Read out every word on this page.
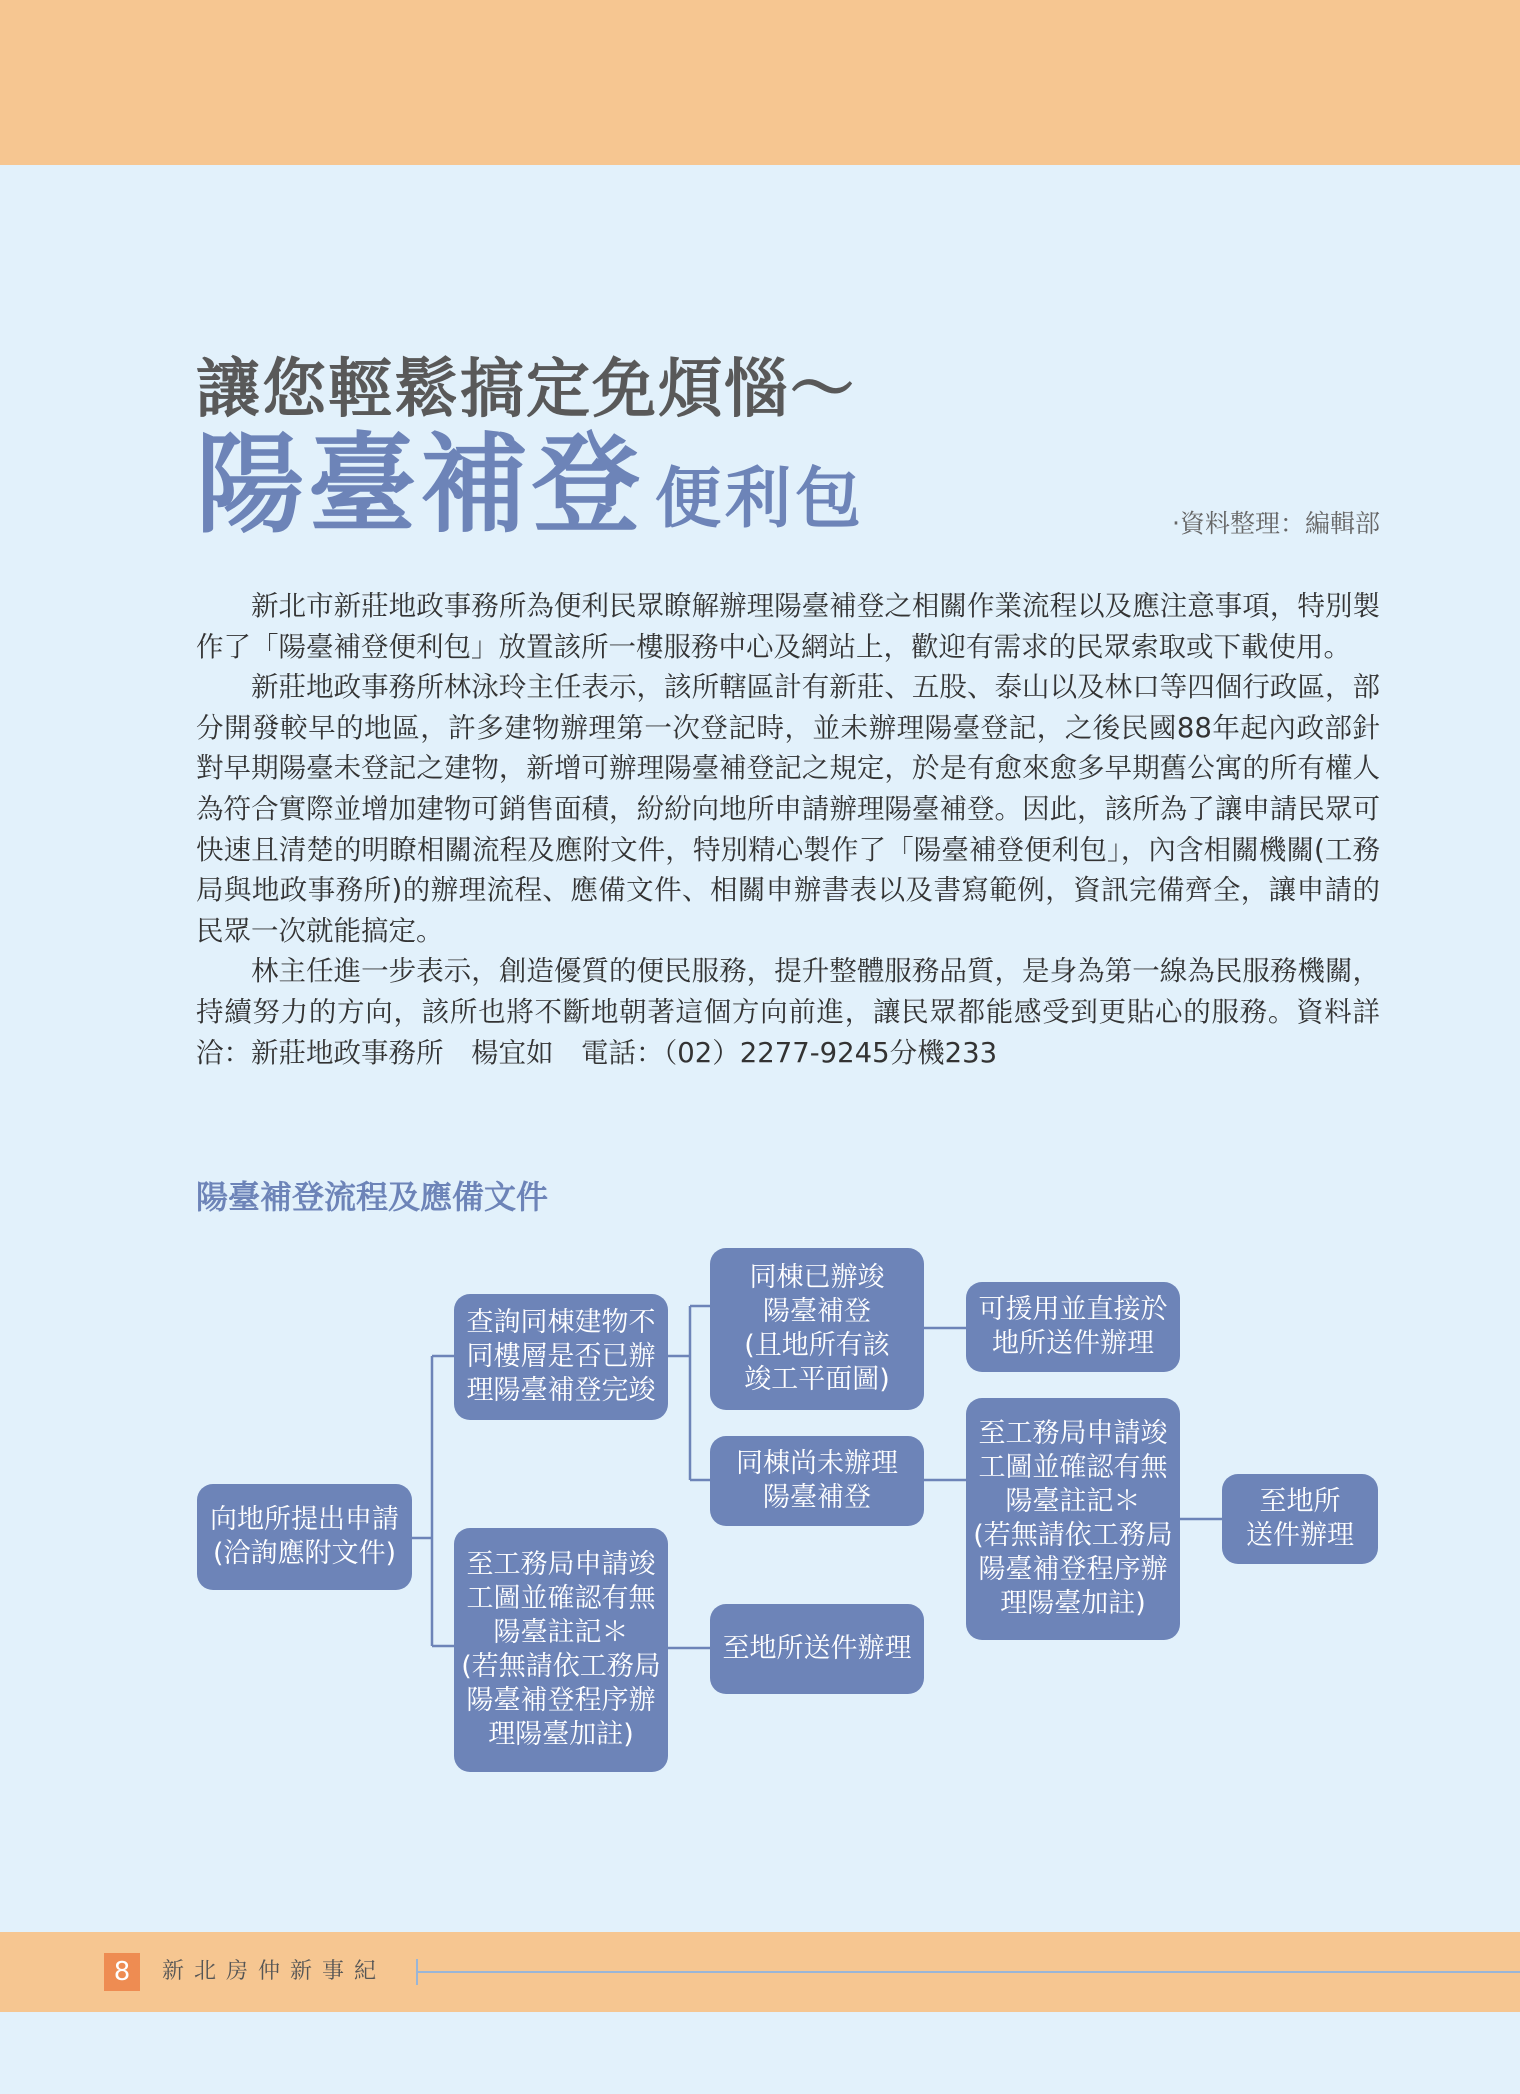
讓您輕鬆搞定免煩惱～
陽臺補登 便利包	‧資料整理：編輯部

新北市新莊地政事務所為便利民眾瞭解辦理陽臺補登之相關作業流程以及應注意事項，特別製作了「陽臺補登便利包」放置該所一樓服務中心及網站上，歡迎有需求的民眾索取或下載使用。

新莊地政事務所林泳玲主任表示，該所轄區計有新莊、五股、泰山以及林口等四個行政區，部分開發較早的地區，許多建物辦理第一次登記時，並未辦理陽臺登記，之後民國88年起內政部針對早期陽臺未登記之建物，新增可辦理陽臺補登記之規定，於是有愈來愈多早期舊公寓的所有權人為符合實際並增加建物可銷售面積，紛紛向地所申請辦理陽臺補登。因此，該所為了讓申請民眾可快速且清楚的明瞭相關流程及應附文件，特別精心製作了「陽臺補登便利包」，內含相關機關(工務局與地政事務所)的辦理流程、應備文件、相關申辦書表以及書寫範例，資訊完備齊全，讓申請的民眾一次就能搞定。

林主任進一步表示，創造優質的便民服務，提升整體服務品質，是身為第一線為民服務機關，持續努力的方向，該所也將不斷地朝著這個方向前進，讓民眾都能感受到更貼心的服務。資料詳洽：新莊地政事務所　楊宜如　電話：（02）2277-9245分機233

陽臺補登流程及應備文件
向地所提出申請
(洽詢應附文件)
查詢同棟建物不
同樓層是否已辦
理陽臺補登完竣
至工務局申請竣
工圖並確認有無
陽臺註記＊
(若無請依工務局
陽臺補登程序辦
理陽臺加註)
同棟已辦竣
陽臺補登
(且地所有該
竣工平面圖)
同棟尚未辦理
陽臺補登
至地所送件辦理
可援用並直接於
地所送件辦理
至工務局申請竣
工圖並確認有無
陽臺註記＊
(若無請依工務局
陽臺補登程序辦
理陽臺加註)
至地所
送件辦理
8	新北房仲新事紀
